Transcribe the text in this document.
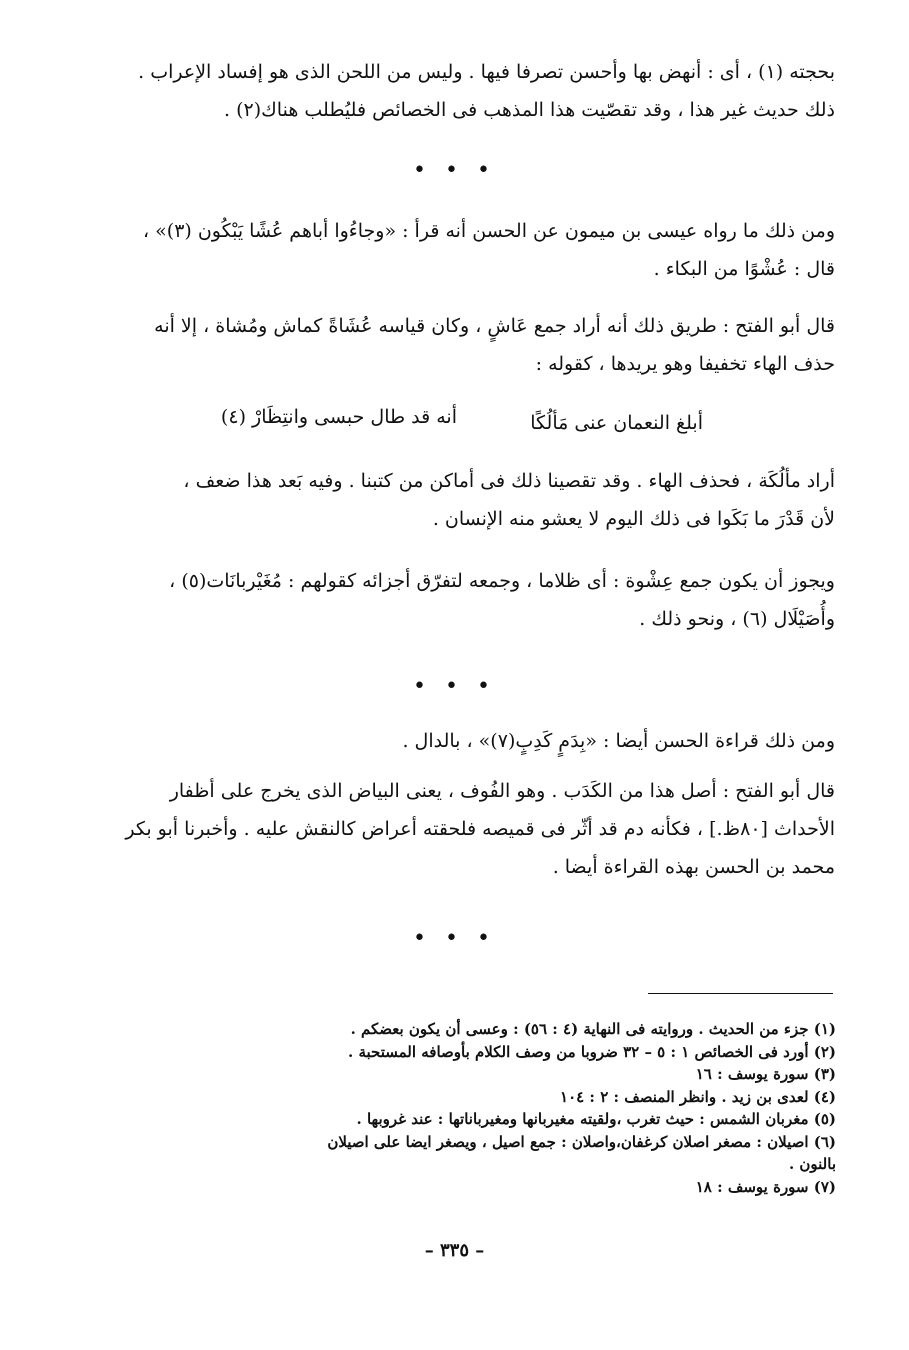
بحجته (١) ، أى : أنهض بها وأحسن تصرفا فيها . وليس من اللحن الذى هو إفساد الإعراب .
ذلك حديث غير هذا ، وقد تقصّيت هذا المذهب فى الخصائص فليُطلب هناك(٢) .
• • •
ومن ذلك ما رواه عيسى بن ميمون عن الحسن أنه قرأ : «وجاءُوا أباهم عُشًا يَبْكُون (٣)» ،
قال : عُشْوًا من البكاء .
قال أبو الفتح : طريق ذلك أنه أراد جمع عَاشٍ ، وكان قياسه عُشَاةً كماش ومُشاة ، إلا أنه
حذف الهاء تخفيفا وهو يريدها ، كقوله :
أبلغ النعمان عنى مَألُكًا
أنه قد طال حبسى وانتِظَارْ (٤)
أراد مألُكَة ، فحذف الهاء . وقد تقصينا ذلك فى أماكن من كتبنا . وفيه بَعد هذا ضعف ،
لأن قَدْرَ ما بَكَوا فى ذلك اليوم لا يعشو منه الإنسان .
ويجوز أن يكون جمع عِشْوة : أى ظلاما ، وجمعه لتفرّق أجزائه كقولهم : مُغَيْربانَات(٥) ،
وأُصَيْلَال (٦) ، ونحو ذلك .
• • •
ومن ذلك قراءة الحسن أيضا : «بِدَمٍ كَدِبٍ(٧)» ، بالدال .
قال أبو الفتح : أصل هذا من الكَدَب . وهو الفُوف ، يعنى البياض الذى يخرج على أظفار
الأحداث [٨٠ظ.] ، فكأنه دم قد أثّر فى قميصه فلحقته أعراض كالنقش عليه . وأخبرنا أبو بكر
محمد بن الحسن بهذه القراءة أيضا .
• • •
(١) جزء من الحديث . وروايته فى النهاية (٤ : ٥٦) : وعسى أن يكون بعضكم .
(٢) أورد فى الخصائص ١ : ٥ – ٣٢ ضروبا من وصف الكلام بأوصافه المستحبة .
(٣) سورة يوسف : ١٦
(٤) لعدى بن زيد . وانظر المنصف : ٢ : ١٠٤
(٥) مغربان الشمس : حيث تغرب ،ولقيته مغيربانها ومغيرباناتها : عند غروبها .
(٦) اصيلان : مصغر اصلان كرغفان،واصلان : جمع اصيل ، ويصغر ايضا على اصيلان
بالنون .
(٧) سورة يوسف : ١٨
– ٣٣٥ –
